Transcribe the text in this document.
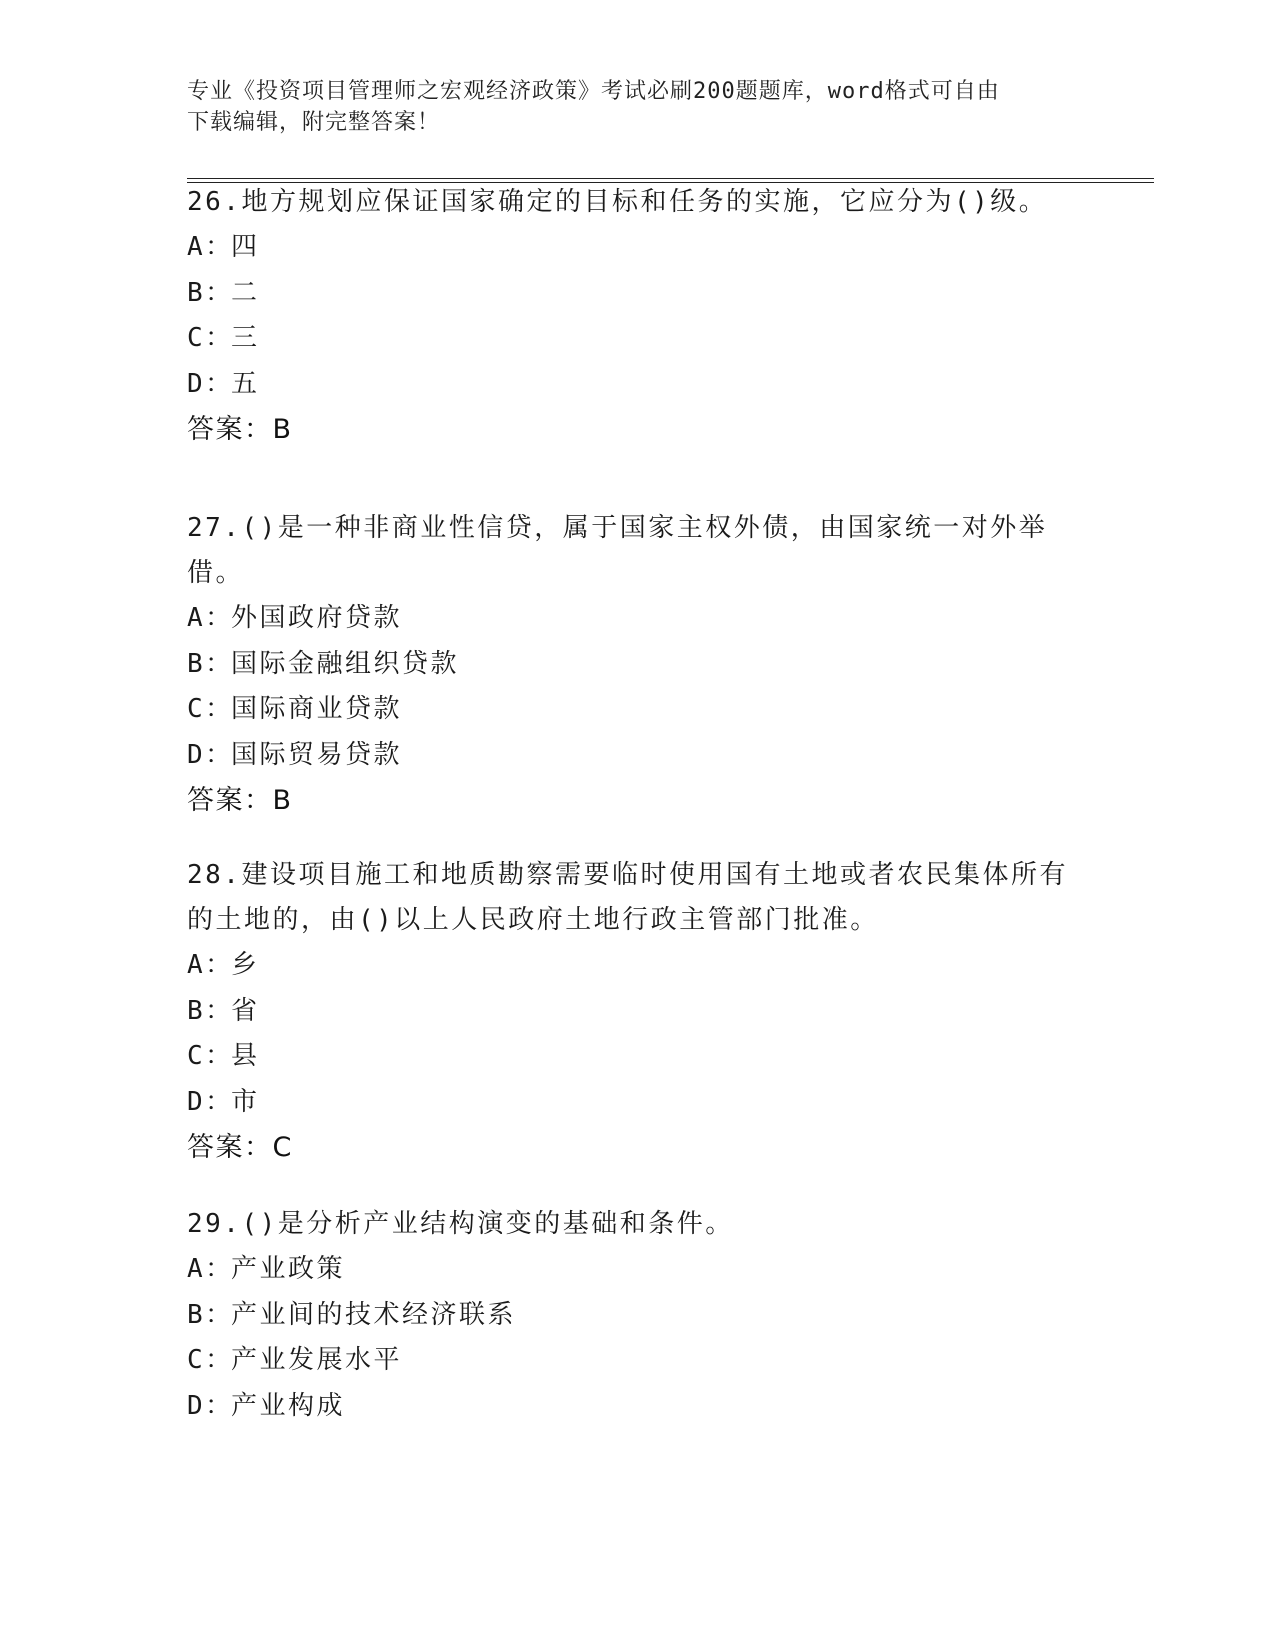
专业《投资项目管理师之宏观经济政策》考试必刷200题题库，word格式可自由
下载编辑，附完整答案！

26.地方规划应保证国家确定的目标和任务的实施，它应分为()级。

A：四
B：二
C：三
D：五
答案：B

27.()是一种非商业性信贷，属于国家主权外债，由国家统一对外举借。

A：外国政府贷款
B：国际金融组织贷款
C：国际商业贷款
D：国际贸易贷款
答案：B

28.建设项目施工和地质勘察需要临时使用国有土地或者农民集体所有的土地的，由()以上人民政府土地行政主管部门批准。

A：乡
B：省
C：县
D：市
答案：C

29.()是分析产业结构演变的基础和条件。

A：产业政策
B：产业间的技术经济联系
C：产业发展水平
D：产业构成
